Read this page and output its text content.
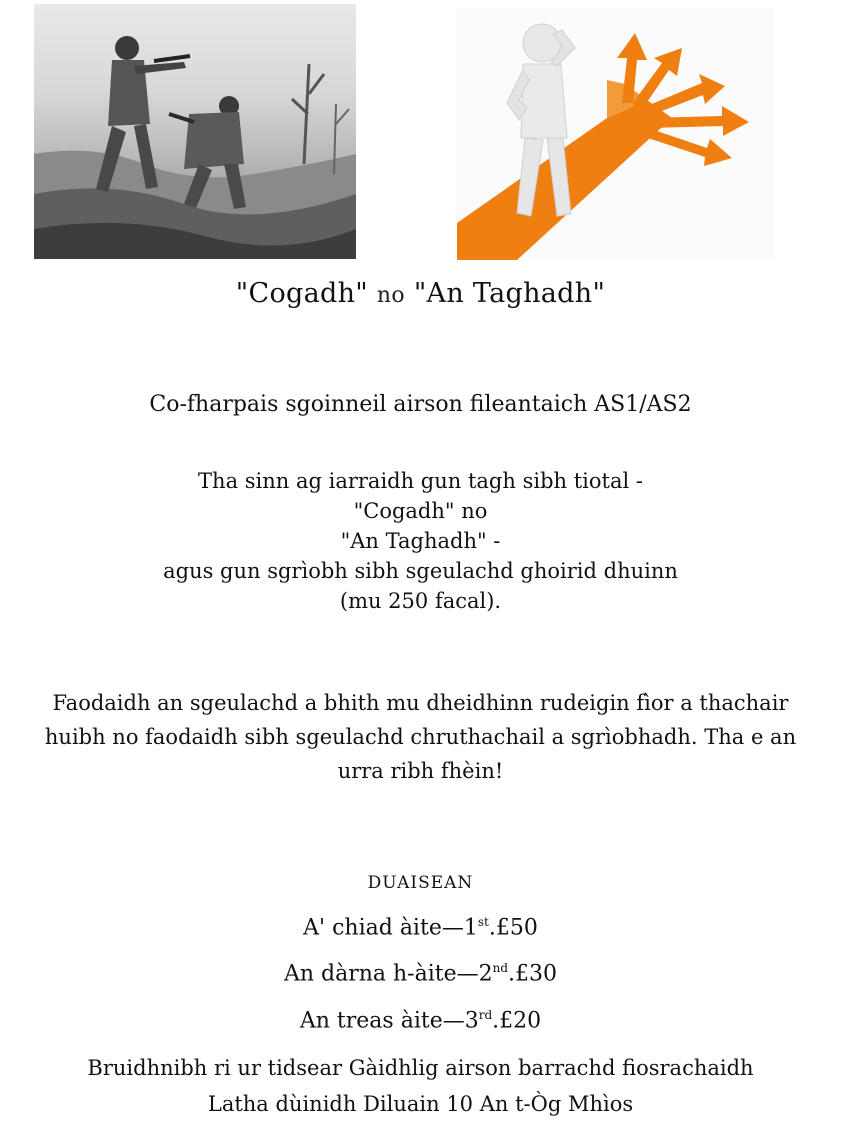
"Cogadh" no "An Taghadh"
Co-fharpais sgoinneil airson fileantaich AS1/AS2
Tha sinn ag iarraidh gun tagh sibh tiotal -
"Cogadh" no
"An Taghadh" -
agus gun sgrìobh sibh sgeulachd ghoirid dhuinn
(mu 250 facal).
Faodaidh an sgeulachd a bhith mu dheidhinn rudeigin fìor a thachair
huibh no faodaidh sibh sgeulachd chruthachail a sgrìobhadh. Tha e an
urra ribh fhèin!
DUAISEAN
A' chiad àite—1st.£50
An dàrna h-àite—2nd.£30
An treas àite—3rd.£20
Bruidhnibh ri ur tidsear Gàidhlig airson barrachd fiosrachaidh
Latha dùinidh Diluain 10 An t-Òg Mhìos
